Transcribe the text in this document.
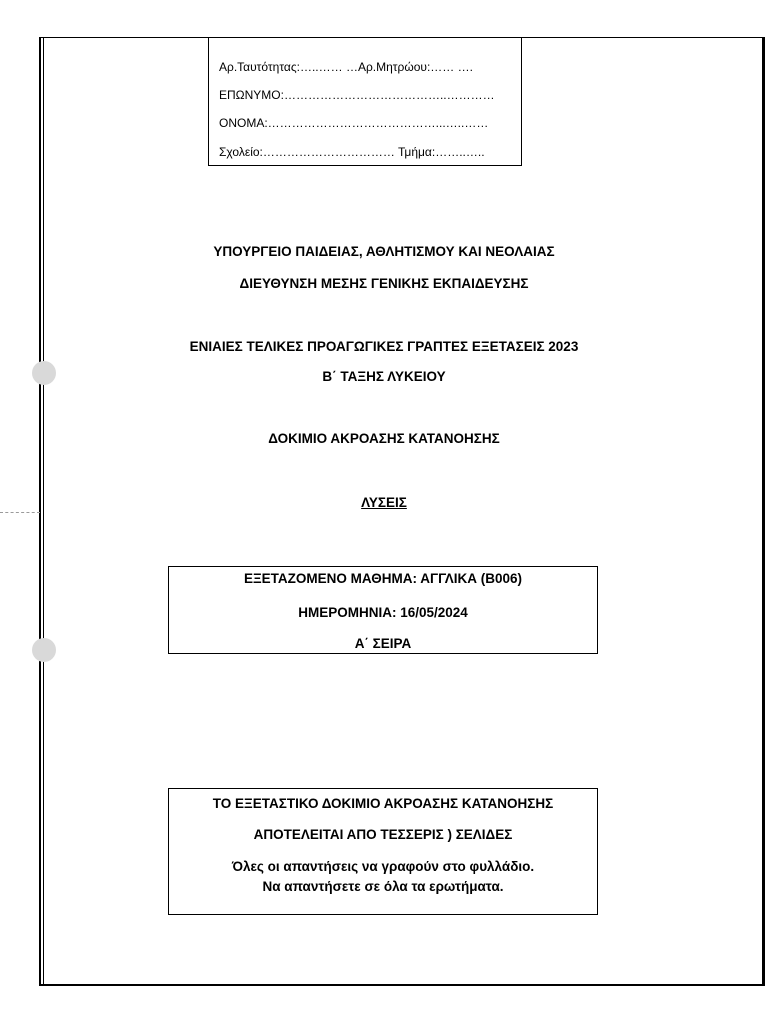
Αρ.Ταυτότητας:…..…… …Αρ.Μητρώου:…… ….
ΕΠΩΝΥΜΟ:…………………………………..…………
ΟΝΟΜΑ:……………………………………...…..……
Σχολείο:…………………………… Τμήμα:……..…..
ΥΠΟΥΡΓΕΙΟ ΠΑΙΔΕΙΑΣ, ΑΘΛΗΤΙΣΜΟΥ ΚΑΙ ΝΕΟΛΑΙΑΣ
ΔΙΕΥΘΥΝΣΗ ΜΕΣΗΣ ΓΕΝΙΚΗΣ ΕΚΠΑΙΔΕΥΣΗΣ
ΕΝΙΑΙΕΣ ΤΕΛΙΚΕΣ ΠΡΟΑΓΩΓΙΚΕΣ ΓΡΑΠΤΕΣ ΕΞΕΤΑΣΕΙΣ 2023
Β΄ ΤΑΞΗΣ ΛΥΚΕΙΟΥ
ΔΟΚΙΜΙΟ ΑΚΡΟΑΣΗΣ ΚΑΤΑΝΟΗΣΗΣ
ΛΥΣΕΙΣ
ΕΞΕΤΑΖΟΜΕΝΟ ΜΑΘΗΜΑ: ΑΓΓΛΙΚΑ (Β006)
ΗΜΕΡΟΜΗΝΙΑ: 16/05/2024
Α΄ ΣΕΙΡΑ
ΤΟ ΕΞΕΤΑΣΤΙΚΟ ΔΟΚΙΜΙΟ ΑΚΡΟΑΣΗΣ ΚΑΤΑΝΟΗΣΗΣ
ΑΠΟΤΕΛΕΙΤΑΙ ΑΠΟ ΤΕΣΣΕΡΙΣ ) ΣΕΛΙΔΕΣ
Όλες οι απαντήσεις να γραφούν στο φυλλάδιο.
Να απαντήσετε σε όλα τα ερωτήματα.
